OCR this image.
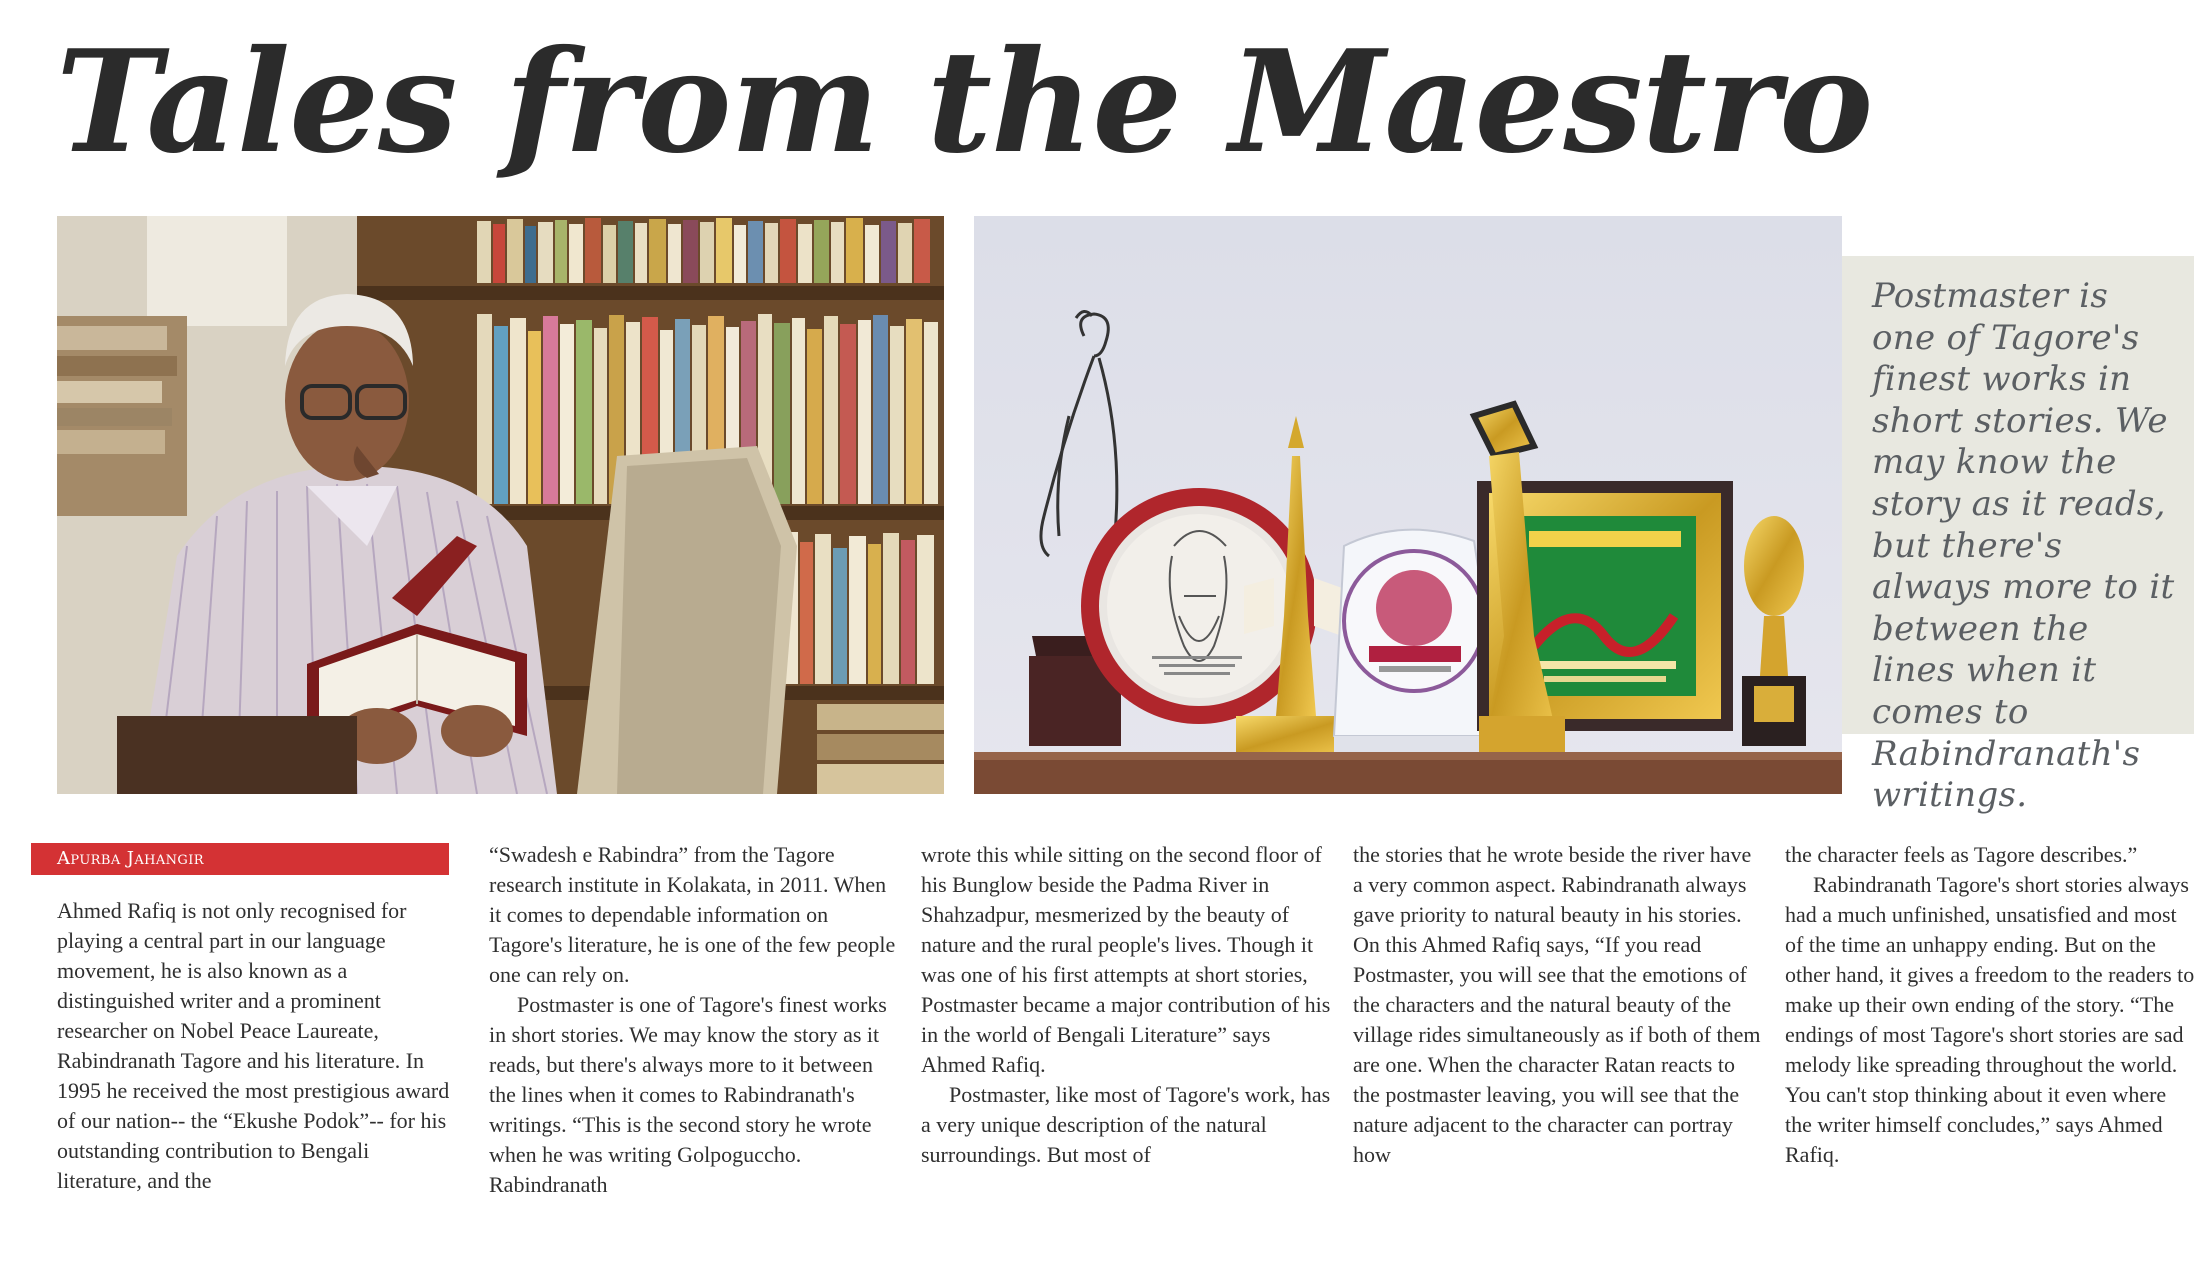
Tales from the Maestro
Postmaster is one of Tagore's finest works in short stories. We may know the story as it reads, but there's always more to it between the lines when it comes to Rabindranath's writings.
Apurba Jahangir

Ahmed Rafiq is not only recognised for playing a central part in our language movement, he is also known as a distinguished writer and a prominent researcher on Nobel Peace Laureate, Rabindranath Tagore and his literature. In 1995 he received the most prestigious award of our nation-- the “Ekushe Podok”-- for his outstanding contribution to Bengali literature, and the

“Swadesh e Rabindra” from the Tagore research institute in Kolakata, in 2011. When it comes to dependable information on Tagore's literature, he is one of the few people one can rely on.

Postmaster is one of Tagore's finest works in short stories. We may know the story as it reads, but there's always more to it between the lines when it comes to Rabindranath's writings. “This is the second story he wrote when he was writing Golpoguccho. Rabindranath

wrote this while sitting on the second floor of his Bunglow beside the Padma River in Shahzadpur, mesmerized by the beauty of nature and the rural people's lives. Though it was one of his first attempts at short stories, Postmaster became a major contribution of his in the world of Bengali Literature” says Ahmed Rafiq.

Postmaster, like most of Tagore's work, has a very unique description of the natural surroundings. But most of

the stories that he wrote beside the river have a very common aspect. Rabindranath always gave priority to natural beauty in his stories. On this Ahmed Rafiq says, “If you read Postmaster, you will see that the emotions of the characters and the natural beauty of the village rides simultaneously as if both of them are one. When the character Ratan reacts to the postmaster leaving, you will see that the nature adjacent to the character can portray how

the character feels as Tagore describes.”

Rabindranath Tagore's short stories always had a much unfinished, unsatisfied and most of the time an unhappy ending. But on the other hand, it gives a freedom to the readers to make up their own ending of the story. “The endings of most Tagore's short stories are sad melody like spreading throughout the world. You can't stop thinking about it even where the writer himself concludes,” says Ahmed Rafiq.
